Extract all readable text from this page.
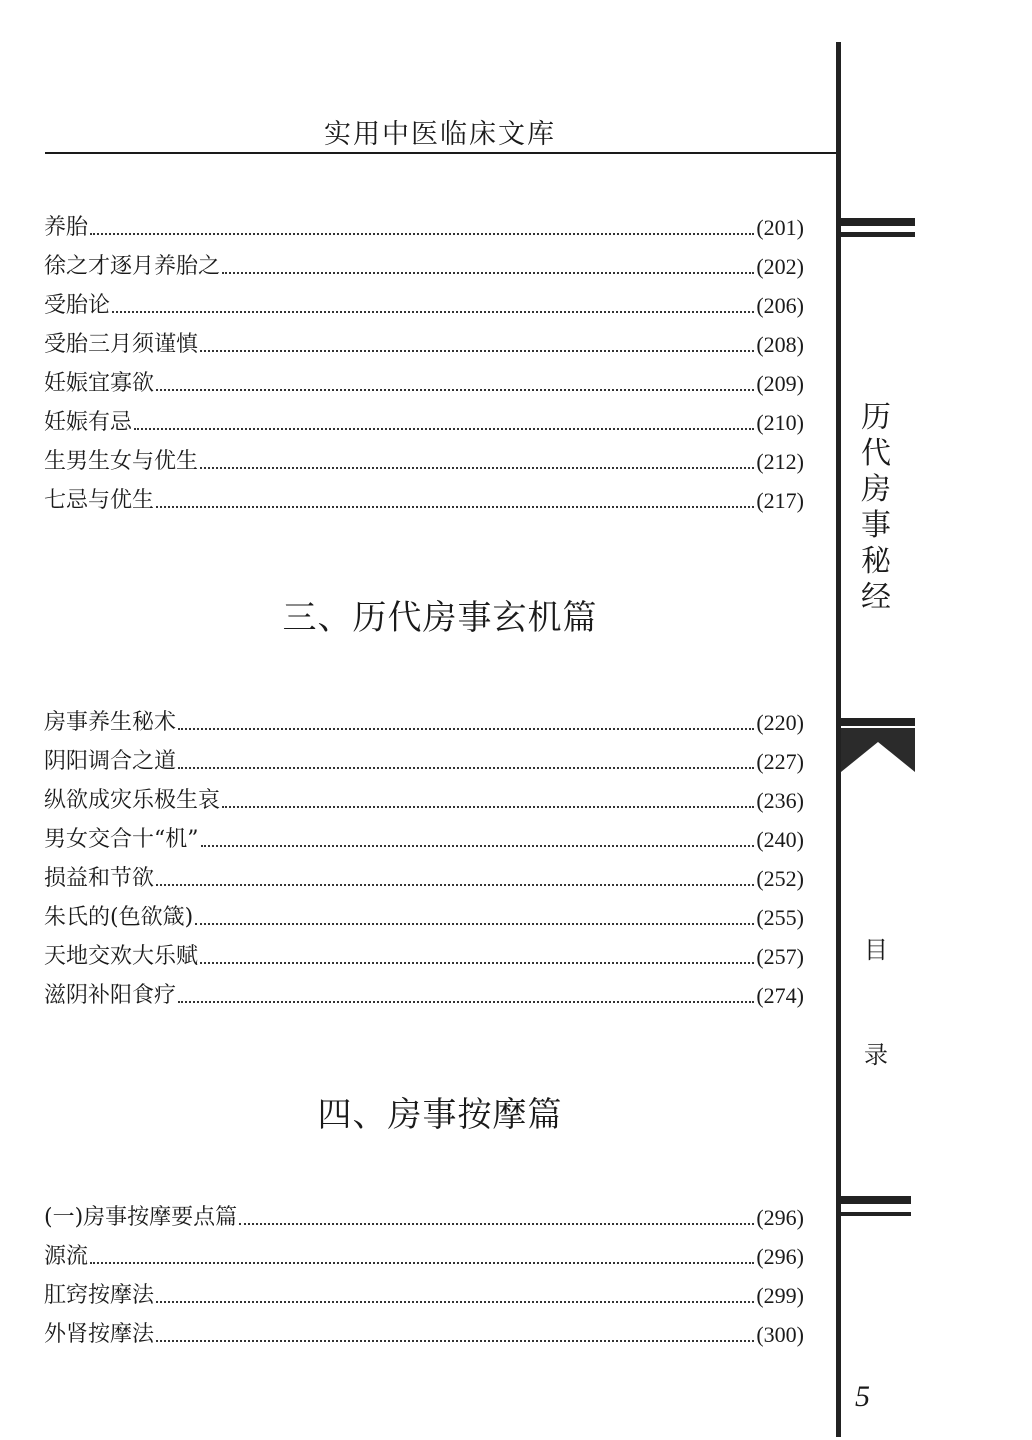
实用中医临床文库
养胎	(201)
徐之才逐月养胎之	(202)
受胎论	(206)
受胎三月须谨慎	(208)
妊娠宜寡欲	(209)
妊娠有忌	(210)
生男生女与优生	(212)
七忌与优生	(217)
三、历代房事玄机篇
房事养生秘术	(220)
阴阳调合之道	(227)
纵欲成灾乐极生哀	(236)
男女交合十“机”	(240)
损益和节欲	(252)
朱氏的(色欲箴)	(255)
天地交欢大乐赋	(257)
滋阴补阳食疗	(274)
四、房事按摩篇
(一)房事按摩要点篇	(296)
源流	(296)
肛窍按摩法	(299)
外肾按摩法	(300)
历
代
房
事
秘
经
目
录
5
